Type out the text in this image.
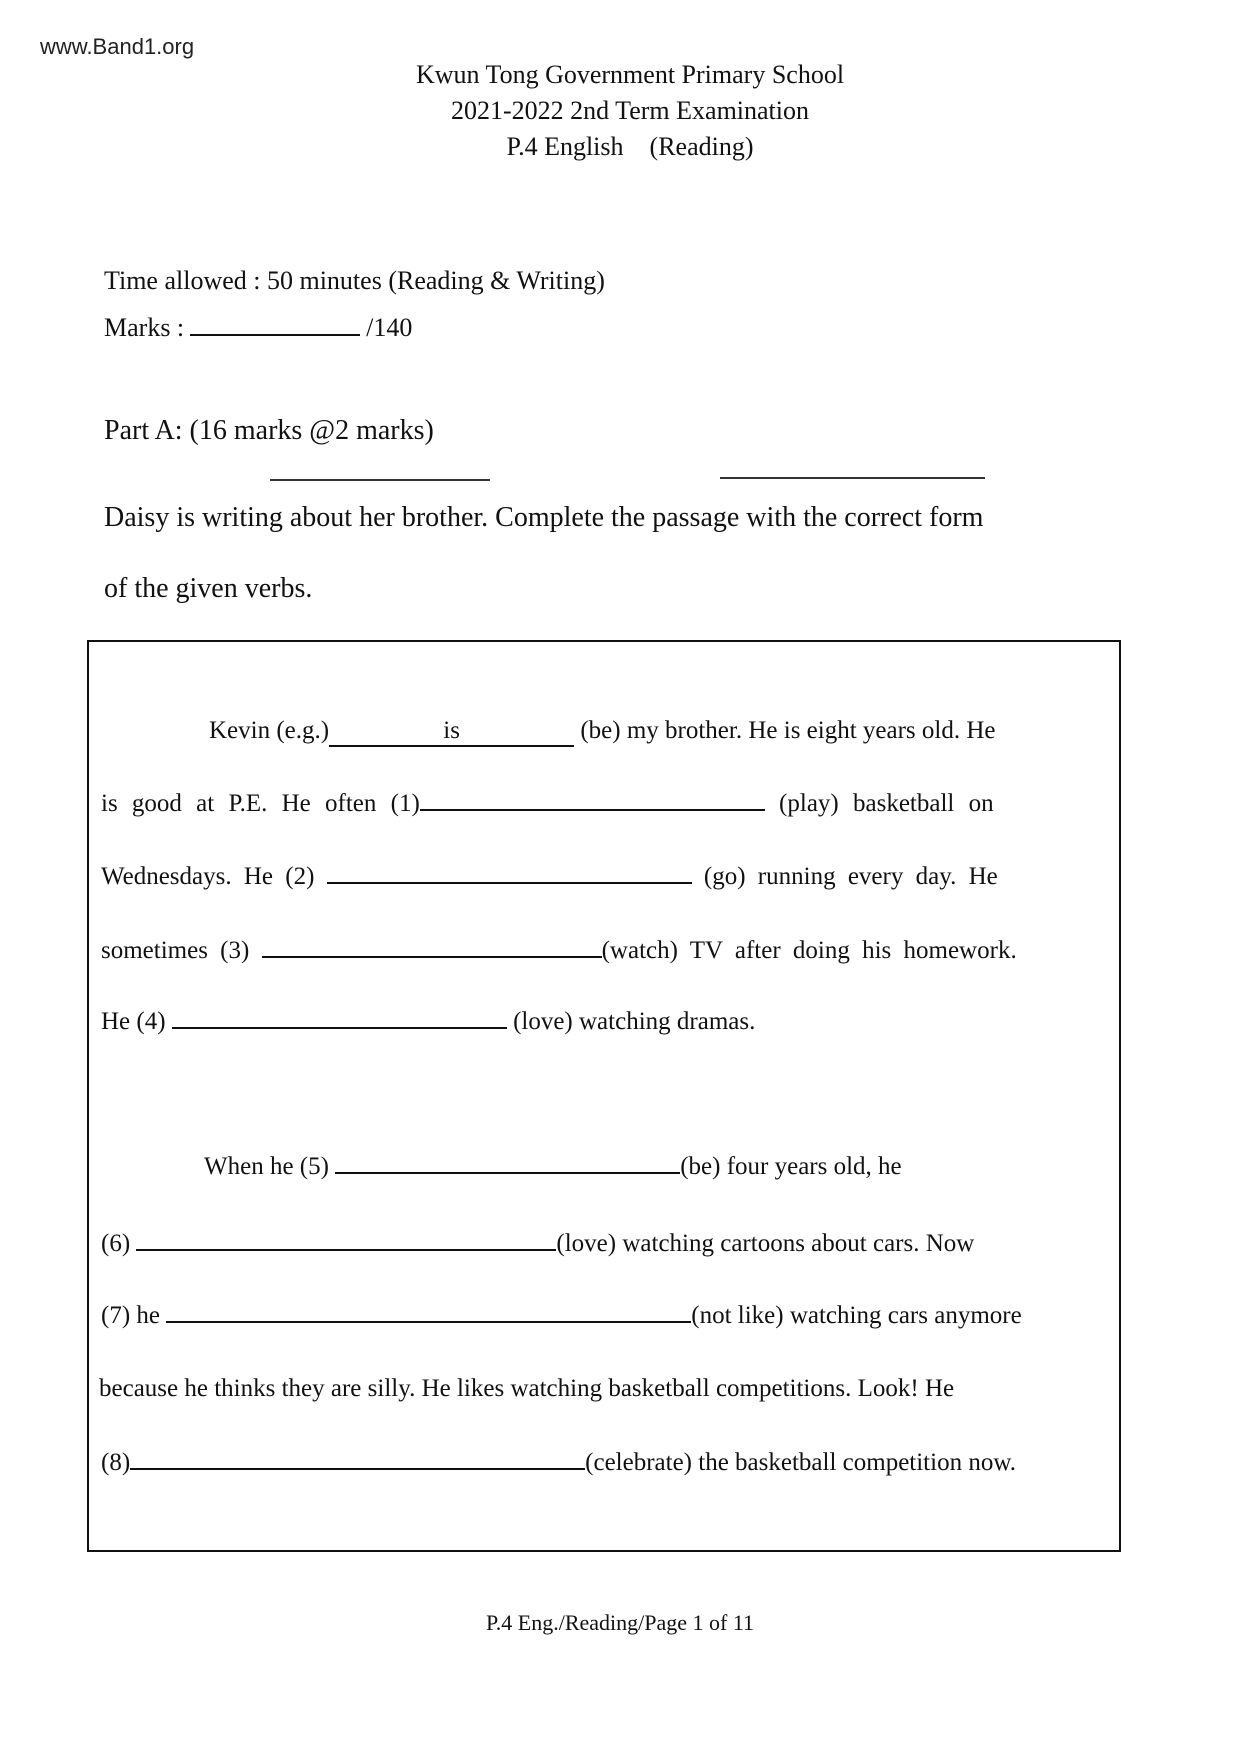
www.Band1.org
Kwun Tong Government Primary School
2021-2022 2nd Term Examination
P.4 English (Reading)
Time allowed : 50 minutes (Reading & Writing)
Marks :	/140
Part A: (16 marks @2 marks)
Daisy is writing about her brother. Complete the passage with the correct form
of the given verbs.
Kevin (e.g.)	is	(be) my brother. He is eight years old. He
is good at P.E. He often (1)	(play) basketball on
Wednesdays. He (2)	(go) running every day. He
sometimes (3)	(watch) TV after doing his homework.
He (4)	(love) watching dramas.
When he (5)	(be) four years old, he
(6)	(love) watching cartoons about cars. Now
(7) he	(not like) watching cars anymore
because he thinks they are silly. He likes watching basketball competitions. Look! He
(8)	(celebrate) the basketball competition now.
P.4 Eng./Reading/Page 1 of 11
